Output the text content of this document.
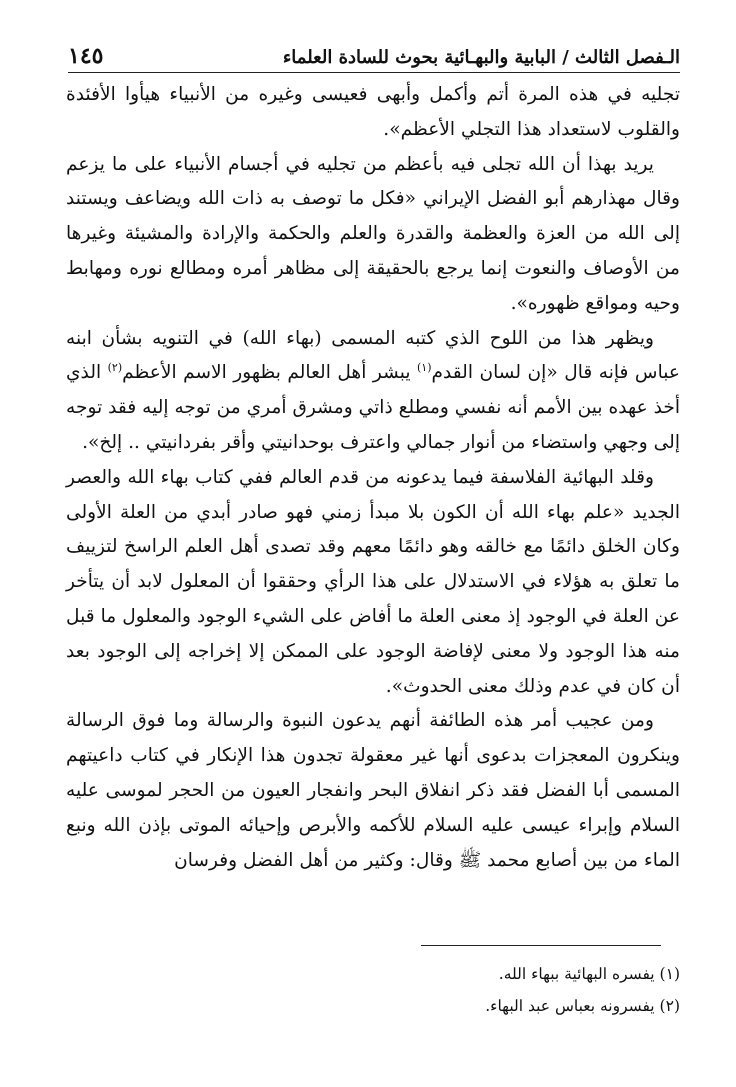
الـفصل الثالث / البابية والبهـائية بحوث للسادة العلماء
١٤٥

تجليه في هذه المرة أتم وأكمل وأبهى فعيسى وغيره من الأنبياء هيأوا الأفئدة والقلوب لاستعداد هذا التجلي الأعظم».

يريد بهذا أن الله تجلى فيه بأعظم من تجليه في أجسام الأنبياء على ما يزعم وقال مهذارهم أبو الفضل الإيراني «فكل ما توصف به ذات الله ويضاعف ويستند إلى الله من العزة والعظمة والقدرة والعلم والحكمة والإرادة والمشيئة وغيرها من الأوصاف والنعوت إنما يرجع بالحقيقة إلى مظاهر أمره ومطالع نوره ومهابط وحيه ومواقع ظهوره».

ويظهر هذا من اللوح الذي كتبه المسمى (بهاء الله) في التنويه بشأن ابنه عباس فإنه قال «إن لسان القدم$^{(١)}$ يبشر أهل العالم بظهور الاسم الأعظم$^{(٢)}$ الذي أخذ عهده بين الأمم أنه نفسي ومطلع ذاتي ومشرق أمري من توجه إليه فقد توجه إلى وجهي واستضاء من أنوار جمالي واعترف بوحدانيتي وأقر بفردانيتي .. إلخ».

وقلد البهائية الفلاسفة فيما يدعونه من قدم العالم ففي كتاب بهاء الله والعصر الجديد «علم بهاء الله أن الكون بلا مبدأ زمني فهو صادر أبدي من العلة الأولى وكان الخلق دائمًا مع خالقه وهو دائمًا معهم وقد تصدى أهل العلم الراسخ لتزييف ما تعلق به هؤلاء في الاستدلال على هذا الرأي وحققوا أن المعلول لابد أن يتأخر عن العلة في الوجود إذ معنى العلة ما أفاض على الشيء الوجود والمعلول ما قبل منه هذا الوجود ولا معنى لإفاضة الوجود على الممكن إلا إخراجه إلى الوجود بعد أن كان في عدم وذلك معنى الحدوث».

ومن عجيب أمر هذه الطائفة أنهم يدعون النبوة والرسالة وما فوق الرسالة وينكرون المعجزات بدعوى أنها غير معقولة تجدون هذا الإنكار في كتاب داعيتهم المسمى أبا الفضل فقد ذكر انفلاق البحر وانفجار العيون من الحجر لموسى عليه السلام وإبراء عيسى عليه السلام للأكمه والأبرص وإحيائه الموتى بإذن الله ونبع الماء من بين أصابع محمد ﷺ وقال: وكثير من أهل الفضل وفرسان

(١) يفسره البهائية ببهاء الله.

(٢) يفسرونه بعباس عبد البهاء.
